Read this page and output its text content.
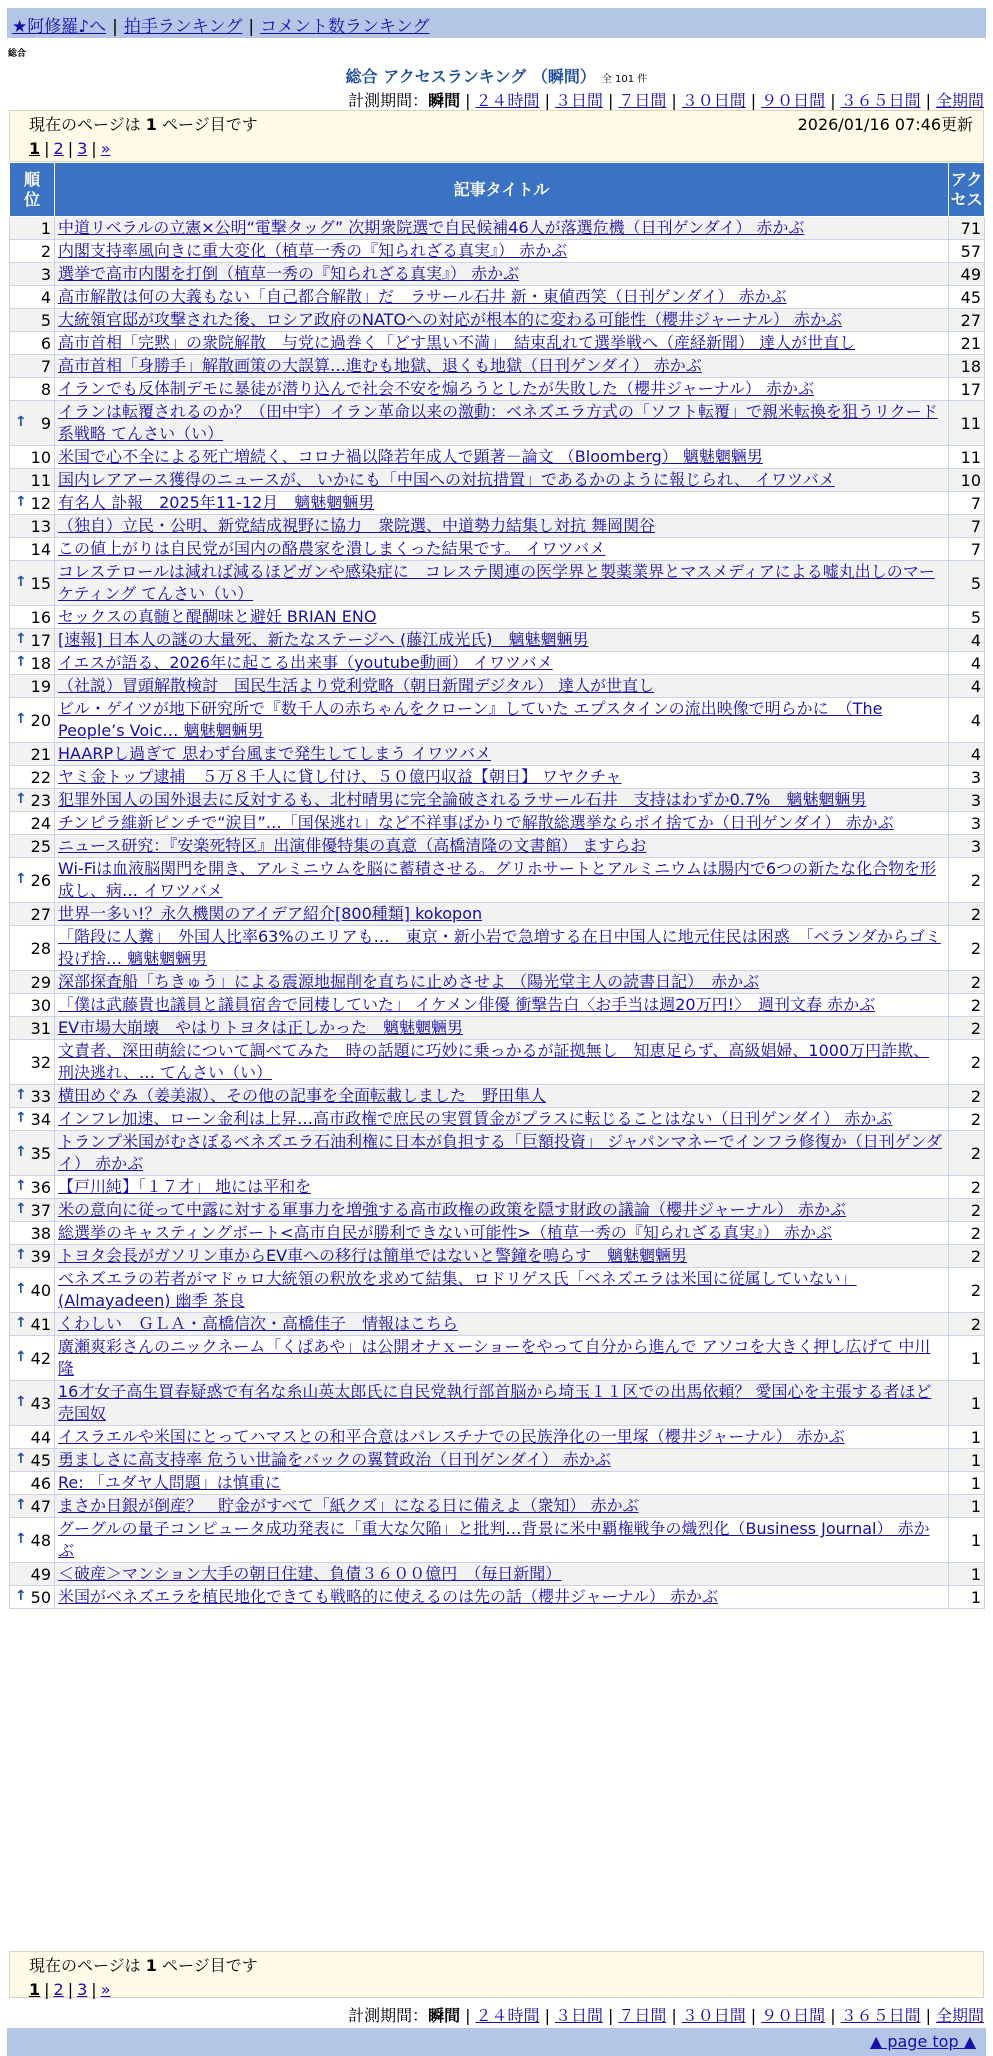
★阿修羅♪へ | 拍手ランキング | コメント数ランキング
総合
総合 アクセスランキング （瞬間） 全 101 件
計測期間：瞬間 | ２４時間 | ３日間 | ７日間 | ３０日間 | ９０日間 | ３６５日間 | 全期間
現在のページは 1 ページ目です	2026/01/16 07:46更新
1 | 2 | 3 | »
順位	記事タイトル	アクセス
1	中道リベラルの立憲×公明“電撃タッグ” 次期衆院選で自民候補46人が落選危機（日刊ゲンダイ） 赤かぶ	71
2	内閣支持率風向きに重大変化（植草一秀の『知られざる真実』） 赤かぶ	57
3	選挙で高市内閣を打倒（植草一秀の『知られざる真実』） 赤かぶ	49
4	高市解散は何の大義もない「自己都合解散」だ　ラサール石井 新・東値西笑（日刊ゲンダイ） 赤かぶ	45
5	大統領官邸が攻撃された後、ロシア政府のNATOへの対応が根本的に変わる可能性（櫻井ジャーナル） 赤かぶ	27
6	高市首相「完黙」の衆院解散　与党に過巻く「どす黒い不満」　結束乱れて選挙戦へ（産経新聞） 達人が世直し	21
7	高市首相「身勝手」解散画策の大誤算…進むも地獄、退くも地獄（日刊ゲンダイ） 赤かぶ	18
8	イランでも反体制デモに暴徒が潜り込んで社会不安を煽ろうとしたが失敗した（櫻井ジャーナル） 赤かぶ	17

↑ 9	イランは転覆されるのか？（田中宇）イラン革命以来の激動：ベネズエラ方式の「ソフト転覆」で親米転換を狙うリクード系戦略 てんさい（い）	11
10	米国で心不全による死亡増続く、コロナ禍以降若年成人で顕著－論文 （Bloomberg） 魑魅魍魎男	11
11	国内レアアース獲得のニュースが、 いかにも「中国への対抗措置」であるかのように報じられ、 イワツバメ	10

↑ 12	有名人 訃報　2025年11-12月　魑魅魍魎男	7
13	（独自）立民・公明、新党結成視野に協力　衆院選、中道勢力結集し対抗 舞岡関谷	7
14	この値上がりは自民党が国内の酪農家を潰しまくった結果です。 イワツバメ	7

↑ 15	コレステロールは減れば減るほどガンや感染症に　コレステ関連の医学界と製薬業界とマスメディアによる嘘丸出しのマーケティング てんさい（い）	5
16	セックスの真髄と醍醐味と避妊 BRIAN ENO	5

↑ 17	[速報] 日本人の謎の大量死、新たなステージへ (藤江成光氏)　魑魅魍魎男	4

↑ 18	イエスが語る、2026年に起こる出来事（youtube動画） イワツバメ	4
19	（社説）冒頭解散検討　国民生活より党利党略（朝日新聞デジタル） 達人が世直し	4

↑ 20	ビル・ゲイツが地下研究所で『数千人の赤ちゃんをクローン』していた エプスタインの流出映像で明らかに　（The People’s Voic… 魑魅魍魎男	4
21	HAARPし過ぎて 思わず台風まで発生してしまう イワツバメ	4
22	ヤミ金トップ逮捕　５万８千人に貸し付け、５０億円収益【朝日】 ワヤクチャ	3

↑ 23	犯罪外国人の国外退去に反対するも、北村晴男に完全論破されるラサール石井　支持はわずか0.7%　魑魅魍魎男	3
24	チンピラ維新ピンチで“涙目”…「国保逃れ」など不祥事ばかりで解散総選挙ならポイ捨てか（日刊ゲンダイ） 赤かぶ	3
25	ニュース研究：『安楽死特区』出演俳優特集の真意（高橋清隆の文書館） ますらお	3

↑ 26	Wi-Fiは血液脳関門を開き、アルミニウムを脳に蓄積させる。グリホサートとアルミニウムは腸内で6つの新たな化合物を形成し、病… イワツバメ	2
27	世界一多い!？永久機関のアイデア紹介[800種類] kokopon	2
28	「階段に人糞」　外国人比率63%のエリアも…　東京・新小岩で急増する在日中国人に地元住民は困惑　「ベランダからゴミ投げ捨… 魑魅魍魎男	2
29	深部探査船「ちきゅう」による震源地掘削を直ちに止めさせよ （陽光堂主人の読書日記）　赤かぶ	2
30	「僕は武藤貴也議員と議員宿舎で同棲していた」 イケメン俳優 衝撃告白〈お手当は週20万円!〉　週刊文春 赤かぶ	2
31	EV市場大崩壊　やはりトヨタは正しかった　魑魅魍魎男	2
32	文責者、深田萌絵について調べてみた　時の話題に巧妙に乗っかるが証拠無し　知恵足らず、高級娼婦、1000万円詐欺、刑決逃れ、… てんさい（い）	2

↑ 33	横田めぐみ（姜美淑）、その他の記事を全面転載しました　野田隼人	2

↑ 34	インフレ加速、ローン金利は上昇…高市政権で庶民の実質賃金がプラスに転じることはない（日刊ゲンダイ） 赤かぶ	2

↑ 35	トランプ米国がむさぼるベネズエラ石油利権に日本が負担する「巨額投資」 ジャパンマネーでインフラ修復か（日刊ゲンダイ） 赤かぶ	2

↑ 36	【戸川純】「１７才」 地には平和を	2

↑ 37	米の意向に従って中露に対する軍事力を増強する高市政権の政策を隠す財政の議論（櫻井ジャーナル） 赤かぶ	2
38	総選挙のキャスティングボート<高市自民が勝利できない可能性>（植草一秀の『知られざる真実』） 赤かぶ	2

↑ 39	トヨタ会長がガソリン車からEV車への移行は簡単ではないと警鐘を鳴らす　魑魅魍魎男	2

↑ 40	ベネズエラの若者がマドゥロ大統領の釈放を求めて結集、ロドリゲス氏「ベネズエラは米国に従属していない」(Almayadeen) 幽季 茶良	2

↑ 41	くわしい　ＧＬＡ・高橋信次・高橋佳子　情報はこちら	2

↑ 42	廣瀬爽彩さんのニックネーム「くぱあや」は公開オナｘーショーをやって自分から進んで アソコを大きく押し広げて 中川隆	1

↑ 43	16才女子高生買春疑惑で有名な糸山英太郎氏に自民党執行部首脳から埼玉１１区での出馬依頼？ 愛国心を主張する者ほど売国奴	1
44	イスラエルや米国にとってハマスとの和平合意はパレスチナでの民族浄化の一里塚（櫻井ジャーナル） 赤かぶ	1

↑ 45	勇ましさに高支持率 危うい世論をバックの翼賛政治（日刊ゲンダイ） 赤かぶ	1
46	Re: 「ユダヤ人問題」は慎重に	1

↑ 47	まさか日銀が倒産？　貯金がすべて「紙クズ」になる日に備えよ（衆知） 赤かぶ	1

↑ 48	グーグルの量子コンピュータ成功発表に「重大な欠陥」と批判…背景に米中覇権戦争の熾烈化（Business Journal） 赤かぶ	1
49	＜破産＞マンション大手の朝日住建、負債３６００億円　（毎日新聞）	1

↑ 50	米国がベネズエラを植民地化できても戦略的に使えるのは先の話（櫻井ジャーナル） 赤かぶ	1
現在のページは 1 ページ目です
1 | 2 | 3 | »
計測期間：瞬間 | ２４時間 | ３日間 | ７日間 | ３０日間 | ９０日間 | ３６５日間 | 全期間
▲ page top ▲
